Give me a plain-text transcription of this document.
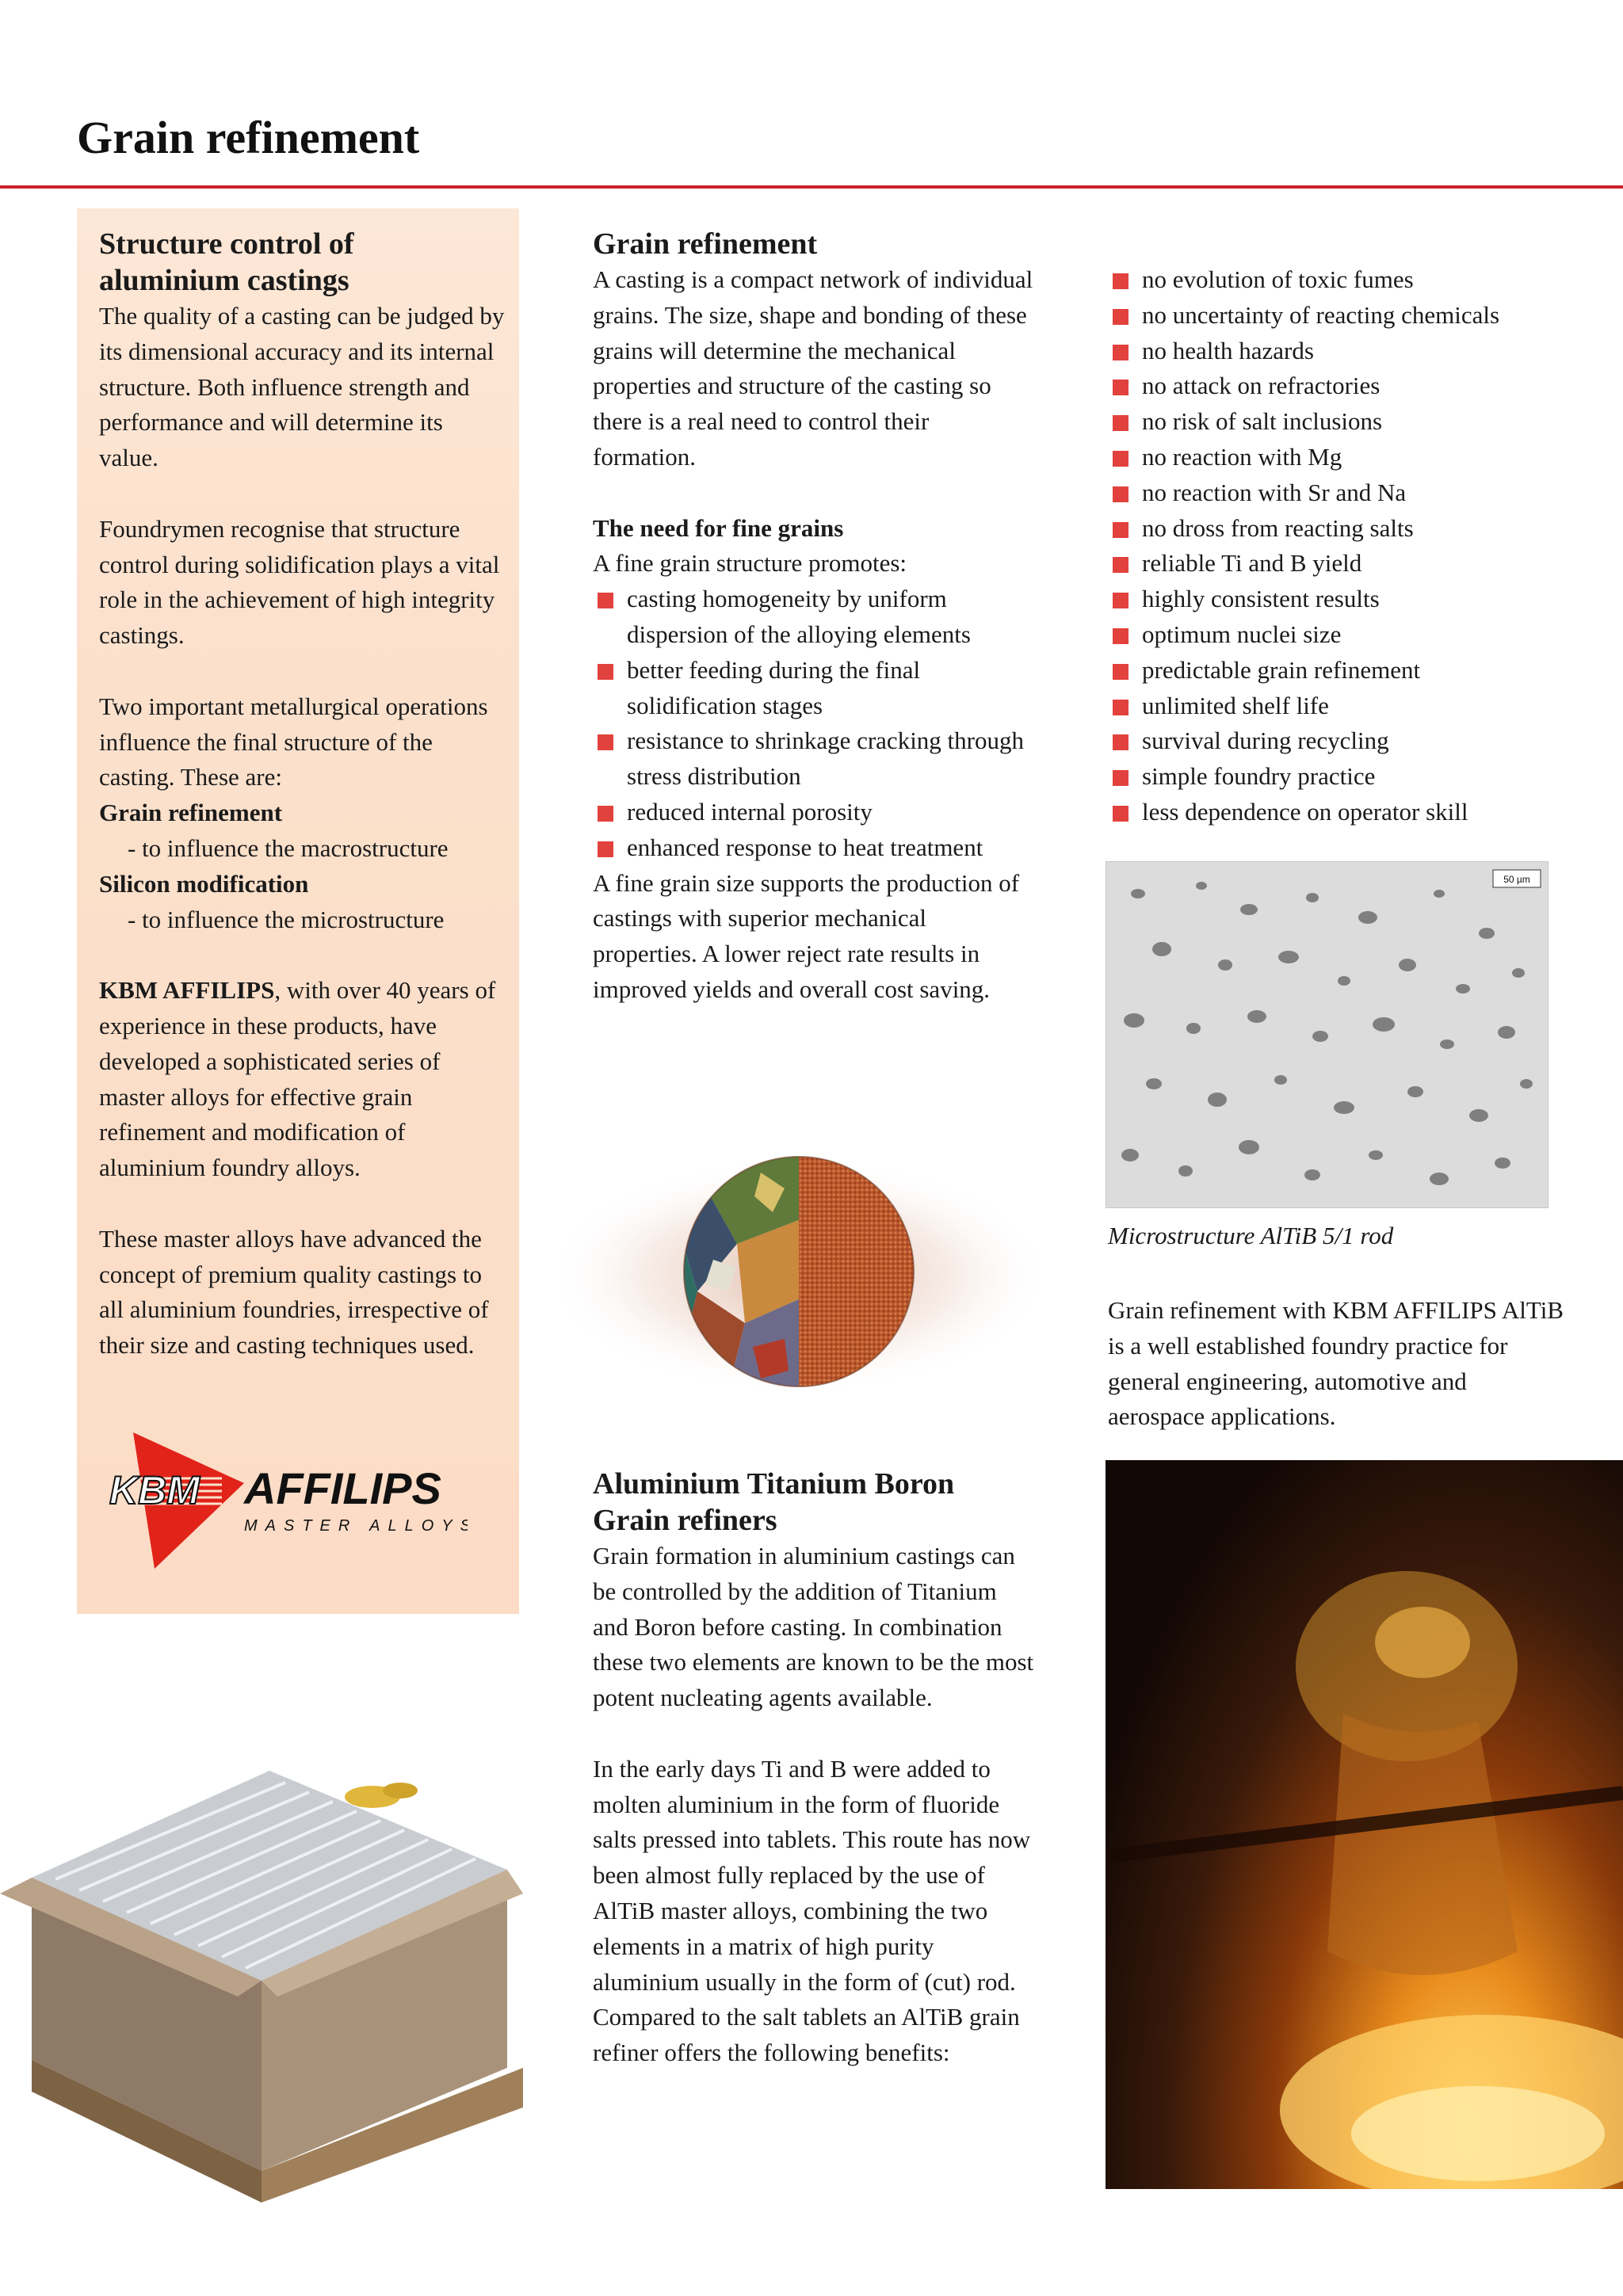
Grain refinement
Structure control of
aluminium castings

The quality of a casting can be judged by its dimensional accuracy and its internal structure. Both influence strength and performance and will determine its value.

Foundrymen recognise that structure control during solidification plays a vital role in the achievement of high integrity castings.

Two important metallurgical operations influence the final structure of the casting. These are:

Grain refinement
- to influence the macrostructure
Silicon modification
- to influence the microstructure

KBM AFFILIPS, with over 40 years of experience in these products, have developed a sophisticated series of master alloys for effective grain refinement and modification of aluminium foundry alloys.

These master alloys have advanced the concept of premium quality castings to all aluminium foundries, irrespective of their size and casting techniques used.

KBM AFFILIPS
MASTER ALLOYS
Grain refinement

A casting is a compact network of individual grains. The size, shape and bonding of these grains will determine the mechanical properties and structure of the casting so there is a real need to control their formation.

The need for fine grains
A fine grain structure promotes:
casting homogeneity by uniform dispersion of the alloying elements
better feeding during the final solidification stages
resistance to shrinkage cracking through stress distribution
reduced internal porosity
enhanced response to heat treatment

A fine grain size supports the production of castings with superior mechanical properties. A lower reject rate results in improved yields and overall cost saving.

Aluminium Titanium Boron
Grain refiners

Grain formation in aluminium castings can be controlled by the addition of Titanium and Boron before casting. In combination these two elements are known to be the most potent nucleating agents available.

In the early days Ti and B were added to molten aluminium in the form of fluoride salts pressed into tablets. This route has now been almost fully replaced by the use of AlTiB master alloys, combining the two elements in a matrix of high purity aluminium usually in the form of (cut) rod. Compared to the salt tablets an AlTiB grain refiner offers the following benefits:

no evolution of toxic fumes
no uncertainty of reacting chemicals
no health hazards
no attack on refractories
no risk of salt inclusions
no reaction with Mg
no reaction with Sr and Na
no dross from reacting salts
reliable Ti and B yield
highly consistent results
optimum nuclei size
predictable grain refinement
unlimited shelf life
survival during recycling
simple foundry practice
less dependence on operator skill
50 µm
Microstructure AlTiB 5/1 rod

Grain refinement with KBM AFFILIPS AlTiB is a well established foundry practice for general engineering, automotive and aerospace applications.
